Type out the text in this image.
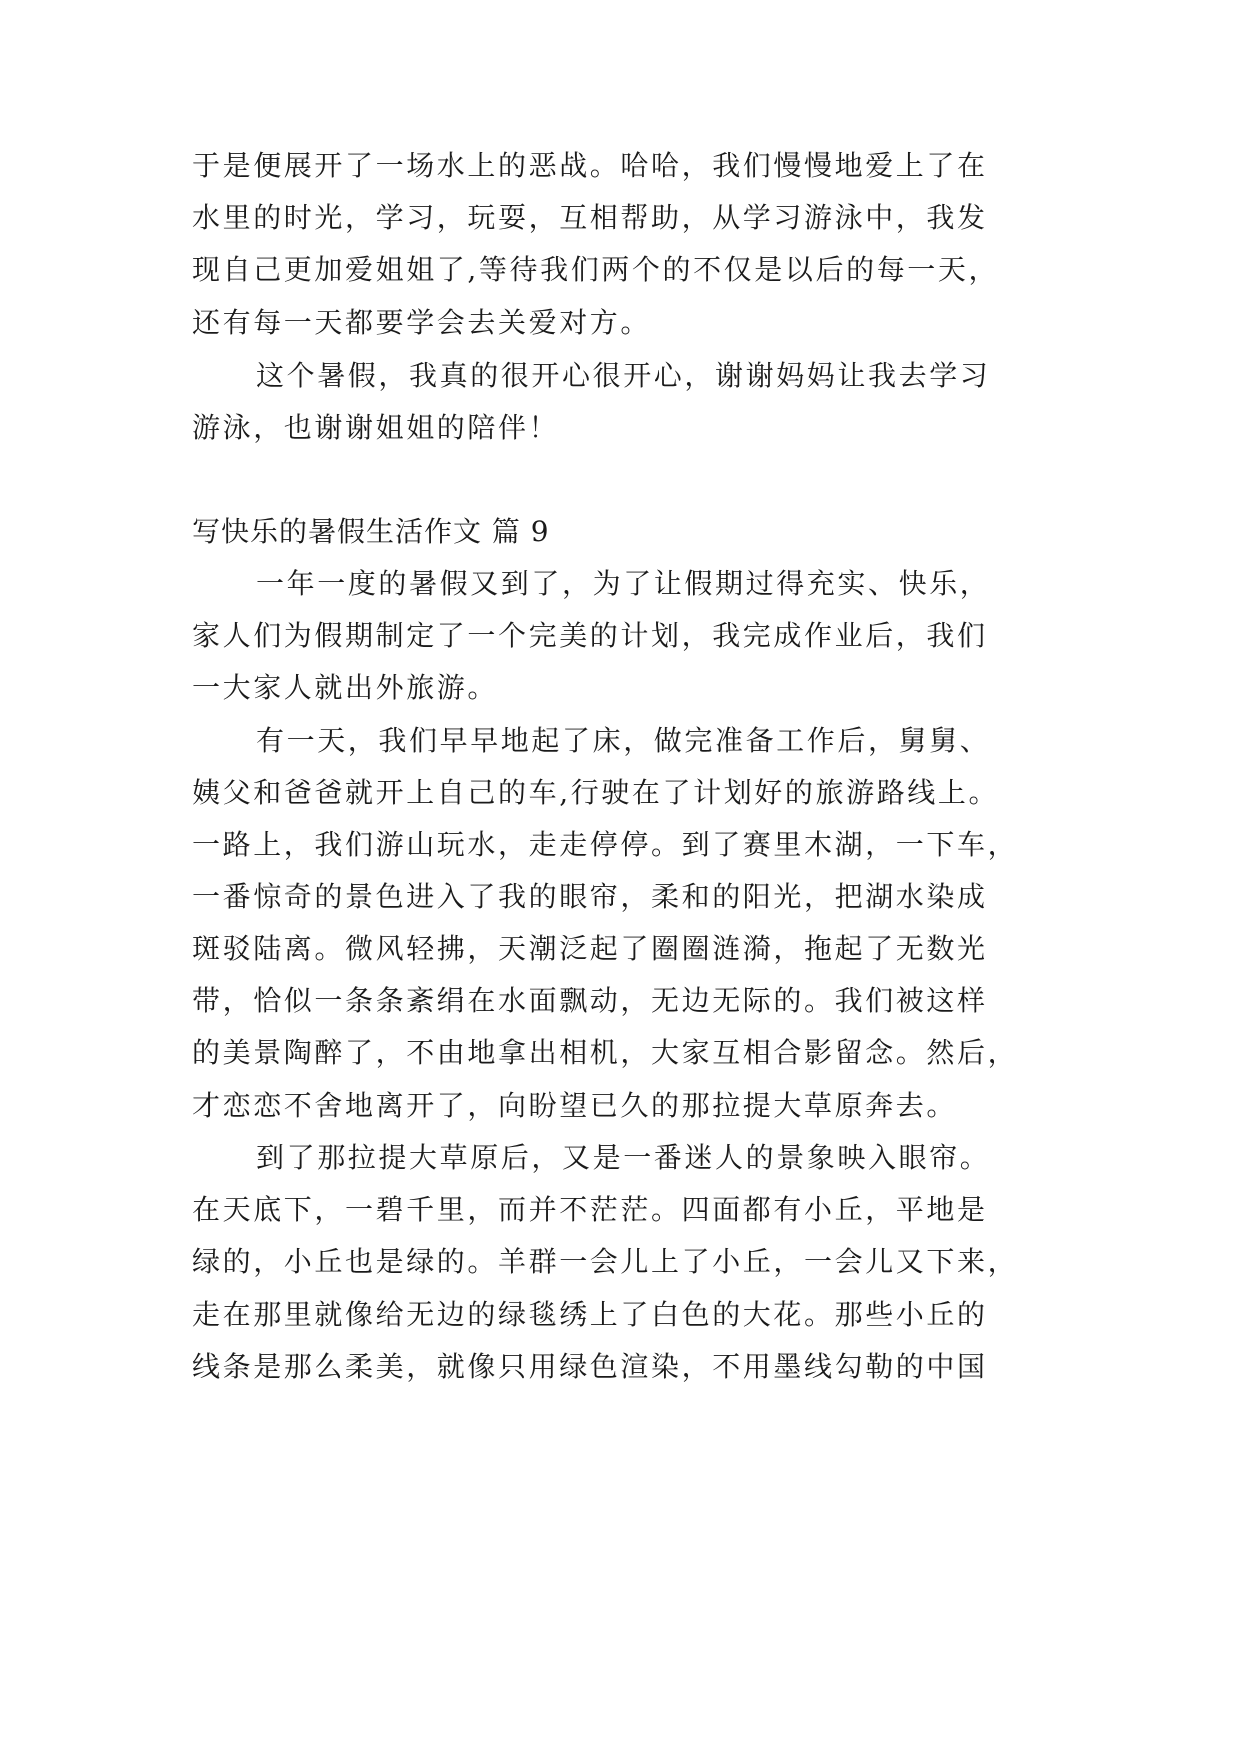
于是便展开了一场水上的恶战。哈哈，我们慢慢地爱上了在
水里的时光，学习，玩耍，互相帮助，从学习游泳中，我发
现自己更加爱姐姐了,等待我们两个的不仅是以后的每一天，
还有每一天都要学会去关爱对方。
这个暑假，我真的很开心很开心，谢谢妈妈让我去学习
游泳，也谢谢姐姐的陪伴！
写快乐的暑假生活作文 篇 9
一年一度的暑假又到了，为了让假期过得充实、快乐，
家人们为假期制定了一个完美的计划，我完成作业后，我们
一大家人就出外旅游。
有一天，我们早早地起了床，做完准备工作后，舅舅、
姨父和爸爸就开上自己的车,行驶在了计划好的旅游路线上。
一路上，我们游山玩水，走走停停。到了赛里木湖，一下车，
一番惊奇的景色进入了我的眼帘，柔和的阳光，把湖水染成
斑驳陆离。微风轻拂，天潮泛起了圈圈涟漪，拖起了无数光
带，恰似一条条紊绢在水面飘动，无边无际的。我们被这样
的美景陶醉了，不由地拿出相机，大家互相合影留念。然后，
才恋恋不舍地离开了，向盼望已久的那拉提大草原奔去。
到了那拉提大草原后，又是一番迷人的景象映入眼帘。
在天底下，一碧千里，而并不茫茫。四面都有小丘，平地是
绿的，小丘也是绿的。羊群一会儿上了小丘，一会儿又下来，
走在那里就像给无边的绿毯绣上了白色的大花。那些小丘的
线条是那么柔美，就像只用绿色渲染，不用墨线勾勒的中国
